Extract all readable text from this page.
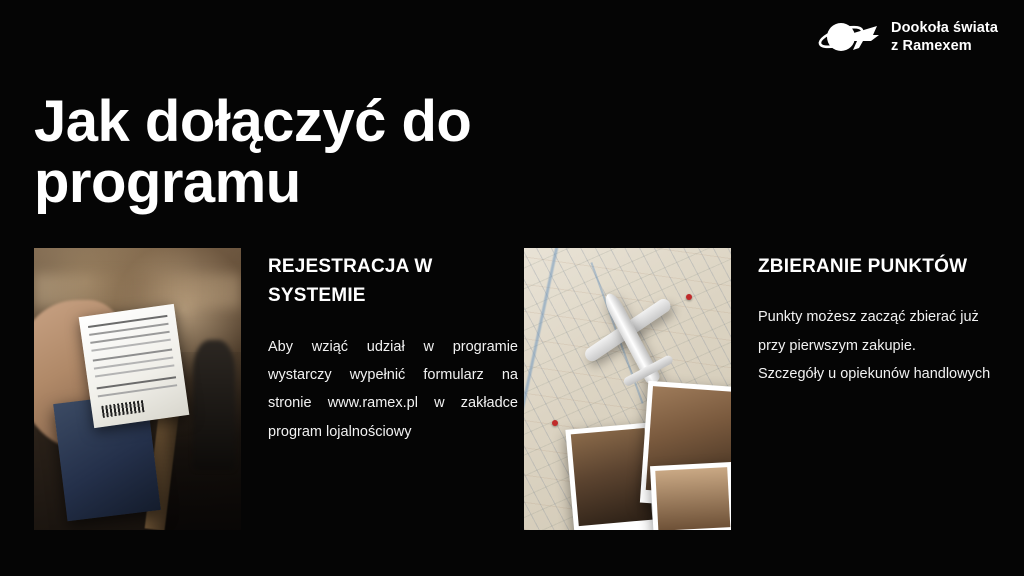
Dookoła świata
z Ramexem
Jak dołączyć do programu
REJESTRACJA W SYSTEMIE
Aby wziąć udział w programie wystarczy wypełnić formularz na stronie www.ramex.pl w zakładce program lojalnościowy
ZBIERANIE PUNKTÓW
Punkty możesz zacząć zbierać już przy pierwszym zakupie.
Szczegóły u opiekunów handlowych
